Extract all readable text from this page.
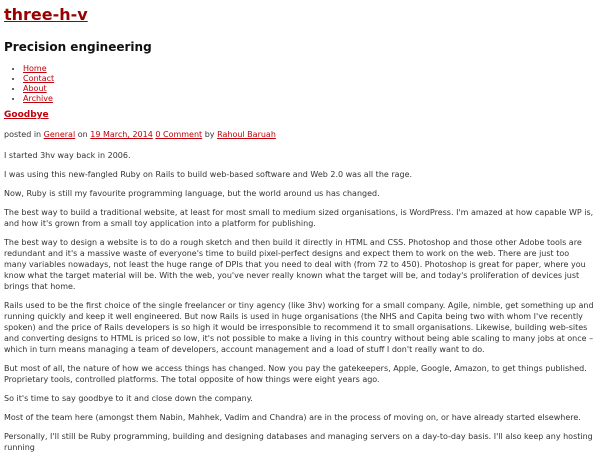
three-h-v
Precision engineering
• Home
• Contact
• About
• Archive
Goodbye
posted in General on 19 March, 2014 0 Comment by Rahoul Baruah

I started 3hv way back in 2006.

I was using this new-fangled Ruby on Rails to build web-based software and Web 2.0 was all the rage.

Now, Ruby is still my favourite programming language, but the world around us has changed.

The best way to build a traditional website, at least for most small to medium sized organisations, is WordPress. I'm amazed at how capable WP is, and how it's grown from a small toy application into a platform for publishing.

The best way to design a website is to do a rough sketch and then build it directly in HTML and CSS. Photoshop and those other Adobe tools are redundant and it's a massive waste of everyone's time to build pixel-perfect designs and expect them to work on the web. There are just too many variables nowadays, not least the huge range of DPIs that you need to deal with (from 72 to 450). Photoshop is great for paper, where you know what the target material will be. With the web, you've never really known what the target will be, and today's proliferation of devices just brings that home.

Rails used to be the first choice of the single freelancer or tiny agency (like 3hv) working for a small company. Agile, nimble, get something up and running quickly and keep it well engineered. But now Rails is used in huge organisations (the NHS and Capita being two with whom I've recently spoken) and the price of Rails developers is so high it would be irresponsible to recommend it to small organisations. Likewise, building web-sites and converting designs to HTML is priced so low, it's not possible to make a living in this country without being able scaling to many jobs at once – which in turn means managing a team of developers, account management and a load of stuff I don't really want to do.

But most of all, the nature of how we access things has changed. Now you pay the gatekeepers, Apple, Google, Amazon, to get things published. Proprietary tools, controlled platforms. The total opposite of how things were eight years ago.

So it's time to say goodbye to it and close down the company.

Most of the team here (amongst them Nabin, Mahhek, Vadim and Chandra) are in the process of moving on, or have already started elsewhere.

Personally, I'll still be Ruby programming, building and designing databases and managing servers on a day-to-day basis. I'll also keep any hosting running
